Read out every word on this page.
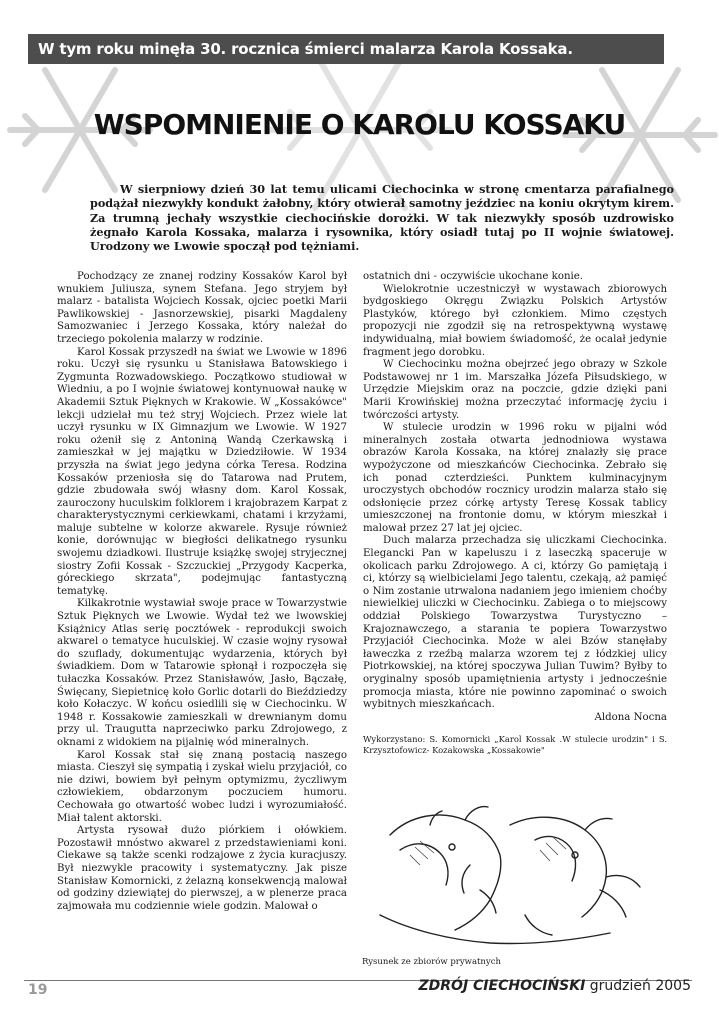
W tym roku minęła 30. rocznica śmierci malarza Karola Kossaka.
WSPOMNIENIE O KAROLU KOSSAKU

W sierpniowy dzień 30 lat temu ulicami Ciechocinka w stronę cmentarza parafialnego podążał niezwykły kondukt żałobny, który otwierał samotny jeździec na koniu okrytym kirem. Za trumną jechały wszystkie ciechocińskie dorożki. W tak niezwykły sposób uzdrowisko żegnało Karola Kossaka, malarza i rysownika, który osiadł tutaj po II wojnie światowej. Urodzony we Lwowie spoczął pod tężniami.

Pochodzący ze znanej rodziny Kossaków Karol był wnukiem Juliusza, synem Stefana. Jego stryjem był malarz - batalista Wojciech Kossak, ojciec poetki Marii Pawlikowskiej - Jasnorzewskiej, pisarki Magdaleny Samozwaniec i Jerzego Kossaka, który należał do trzeciego pokolenia malarzy w rodzinie.

Karol Kossak przyszedł na świat we Lwowie w 1896 roku. Uczył się rysunku u Stanisława Batowskiego i Zygmunta Rozwadowskiego. Początkowo studiował w Wiedniu, a po I wojnie światowej kontynuował naukę w Akademii Sztuk Pięknych w Krakowie. W „Kossakówce" lekcji udzielał mu też stryj Wojciech. Przez wiele lat uczył rysunku w IX Gimnazjum we Lwowie. W 1927 roku ożenił się z Antoniną Wandą Czerkawską i zamieszkał w jej majątku w Dziedziłowie. W 1934 przyszła na świat jego jedyna córka Teresa. Rodzina Kossaków przeniosła się do Tatarowa nad Prutem, gdzie zbudowała swój własny dom. Karol Kossak, zauroczony huculskim folklorem i krajobrazem Karpat z charakterystycznymi cerkiewkami, chatami i krzyżami, maluje subtelne w kolorze akwarele. Rysuje również konie, dorównując w biegłości delikatnego rysunku swojemu dziadkowi. Ilustruje książkę swojej stryjecznej siostry Zofii Kossak - Szczuckiej „Przygody Kacperka, góreckiego skrzata", podejmując fantastyczną tematykę.

Kilkakrotnie wystawiał swoje prace w Towarzystwie Sztuk Pięknych we Lwowie. Wydał też we lwowskiej Książnicy Atlas serię pocztówek - reprodukcji swoich akwarel o tematyce huculskiej. W czasie wojny rysował do szuflady, dokumentując wydarzenia, których był świadkiem. Dom w Tatarowie spłonął i rozpoczęła się tułaczka Kossaków. Przez Stanisławów, Jasło, Bączałę, Święcany, Siepietnicę koło Gorlic dotarli do Bieździedzy koło Kołaczyc. W końcu osiedlili się w Ciechocinku. W 1948 r. Kossakowie zamieszkali w drewnianym domu przy ul. Traugutta naprzeciwko parku Zdrojowego, z oknami z widokiem na pijalnię wód mineralnych.

Karol Kossak stał się znaną postacią naszego miasta. Cieszył się sympatią i zyskał wielu przyjaciół, co nie dziwi, bowiem był pełnym optymizmu, życzliwym człowiekiem, obdarzonym poczuciem humoru. Cechowała go otwartość wobec ludzi i wyrozumiałość. Miał talent aktorski.

Artysta rysował dużo piórkiem i ołówkiem. Pozostawił mnóstwo akwarel z przedstawieniami koni. Ciekawe są także scenki rodzajowe z życia kuracjuszy. Był niezwykle pracowity i systematyczny. Jak pisze Stanisław Komornicki, z żelazną konsekwencją malował od godziny dziewiątej do pierwszej, a w plenerze praca zajmowała mu codziennie wiele godzin. Malował o

ostatnich dni - oczywiście ukochane konie.

Wielokrotnie uczestniczył w wystawach zbiorowych bydgoskiego Okręgu Związku Polskich Artystów Plastyków, którego był członkiem. Mimo częstych propozycji nie zgodził się na retrospektywną wystawę indywidualną, miał bowiem świadomość, że ocalał jedynie fragment jego dorobku.

W Ciechocinku można obejrzeć jego obrazy w Szkole Podstawowej nr 1 im. Marszałka Józefa Piłsudskiego, w Urzędzie Miejskim oraz na poczcie, gdzie dzięki pani Marii Krowińskiej można przeczytać informację życiu i twórczości artysty.

W stulecie urodzin w 1996 roku w pijalni wód mineralnych została otwarta jednodniowa wystawa obrazów Karola Kossaka, na której znalazły się prace wypożyczone od mieszkańców Ciechocinka. Zebrało się ich ponad czterdzieści. Punktem kulminacyjnym uroczystych obchodów rocznicy urodzin malarza stało się odsłonięcie przez córkę artysty Teresę Kossak tablicy umieszczonej na frontonie domu, w którym mieszkał i malował przez 27 lat jej ojciec.

Duch malarza przechadza się uliczkami Ciechocinka. Elegancki Pan w kapeluszu i z laseczką spaceruje w okolicach parku Zdrojowego. A ci, którzy Go pamiętają i ci, którzy są wielbicielami Jego talentu, czekają, aż pamięć o Nim zostanie utrwalona nadaniem jego imieniem choćby niewielkiej uliczki w Ciechocinku. Zabiega o to miejscowy oddział Polskiego Towarzystwa Turystyczno – Krajoznawczego, a starania te popiera Towarzystwo Przyjaciół Ciechocinka. Może w alei Bzów stanęłaby ławeczka z rzeźbą malarza wzorem tej z łódzkiej ulicy Piotrkowskiej, na której spoczywa Julian Tuwim? Byłby to oryginalny sposób upamiętnienia artysty i jednocześnie promocja miasta, które nie powinno zapominać o swoich wybitnych mieszkańcach.

Aldona Nocna

Wykorzystano: S. Komornicki „Karol Kossak .W stulecie urodzin" i S. Krzysztofowicz- Kozakowska „Kossakowie"

Rysunek ze zbiorów prywatnych
19	ZDRÓJ CIECHOCIŃSKI grudzień 2005
